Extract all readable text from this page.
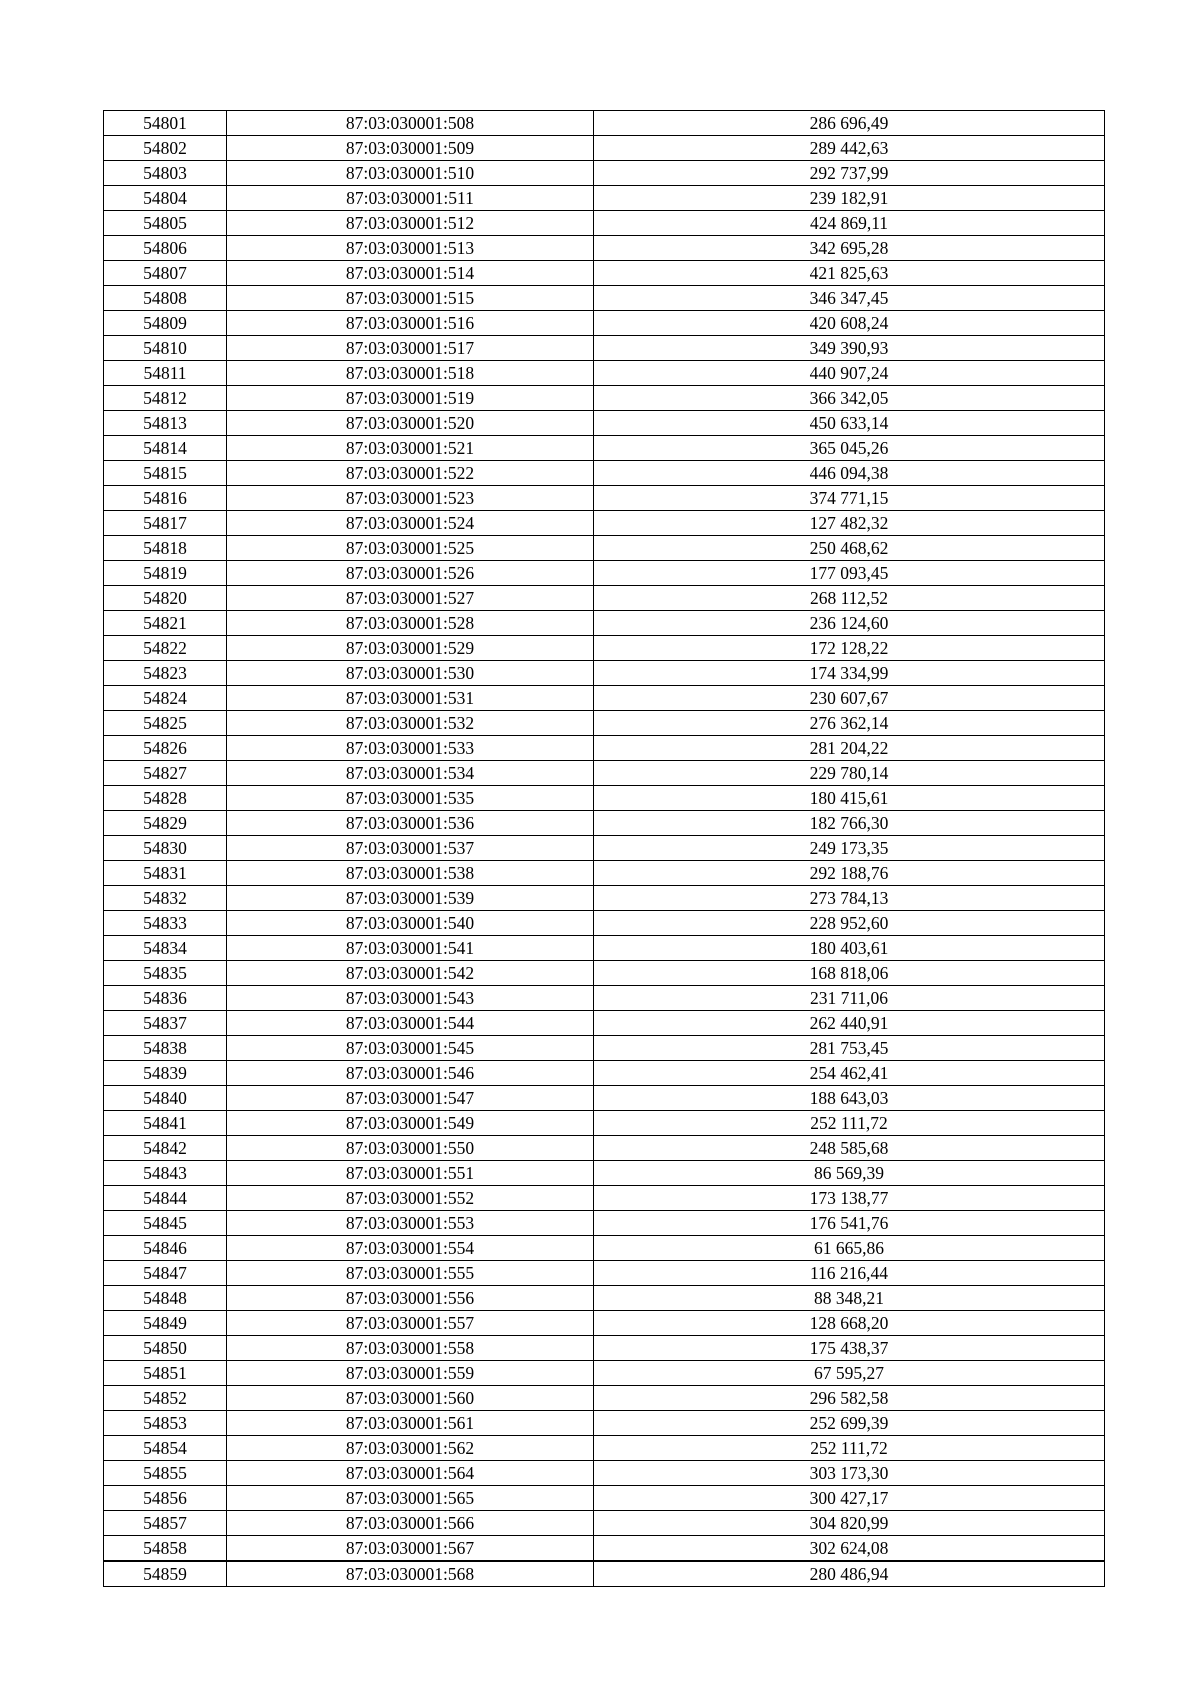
54801	87:03:030001:508	286 696,49
54802	87:03:030001:509	289 442,63
54803	87:03:030001:510	292 737,99
54804	87:03:030001:511	239 182,91
54805	87:03:030001:512	424 869,11
54806	87:03:030001:513	342 695,28
54807	87:03:030001:514	421 825,63
54808	87:03:030001:515	346 347,45
54809	87:03:030001:516	420 608,24
54810	87:03:030001:517	349 390,93
54811	87:03:030001:518	440 907,24
54812	87:03:030001:519	366 342,05
54813	87:03:030001:520	450 633,14
54814	87:03:030001:521	365 045,26
54815	87:03:030001:522	446 094,38
54816	87:03:030001:523	374 771,15
54817	87:03:030001:524	127 482,32
54818	87:03:030001:525	250 468,62
54819	87:03:030001:526	177 093,45
54820	87:03:030001:527	268 112,52
54821	87:03:030001:528	236 124,60
54822	87:03:030001:529	172 128,22
54823	87:03:030001:530	174 334,99
54824	87:03:030001:531	230 607,67
54825	87:03:030001:532	276 362,14
54826	87:03:030001:533	281 204,22
54827	87:03:030001:534	229 780,14
54828	87:03:030001:535	180 415,61
54829	87:03:030001:536	182 766,30
54830	87:03:030001:537	249 173,35
54831	87:03:030001:538	292 188,76
54832	87:03:030001:539	273 784,13
54833	87:03:030001:540	228 952,60
54834	87:03:030001:541	180 403,61
54835	87:03:030001:542	168 818,06
54836	87:03:030001:543	231 711,06
54837	87:03:030001:544	262 440,91
54838	87:03:030001:545	281 753,45
54839	87:03:030001:546	254 462,41
54840	87:03:030001:547	188 643,03
54841	87:03:030001:549	252 111,72
54842	87:03:030001:550	248 585,68
54843	87:03:030001:551	86 569,39
54844	87:03:030001:552	173 138,77
54845	87:03:030001:553	176 541,76
54846	87:03:030001:554	61 665,86
54847	87:03:030001:555	116 216,44
54848	87:03:030001:556	88 348,21
54849	87:03:030001:557	128 668,20
54850	87:03:030001:558	175 438,37
54851	87:03:030001:559	67 595,27
54852	87:03:030001:560	296 582,58
54853	87:03:030001:561	252 699,39
54854	87:03:030001:562	252 111,72
54855	87:03:030001:564	303 173,30
54856	87:03:030001:565	300 427,17
54857	87:03:030001:566	304 820,99
54858	87:03:030001:567	302 624,08
54859	87:03:030001:568	280 486,94
